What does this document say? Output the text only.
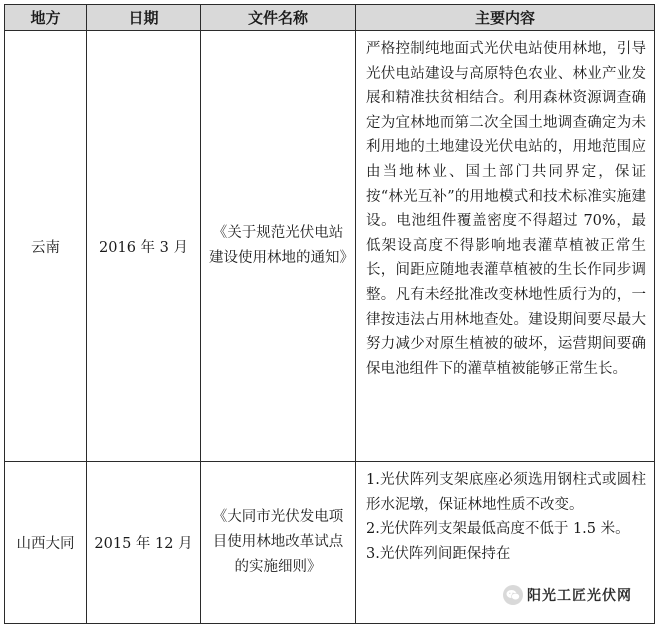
地方	日期	文件名称	主要内容
云南	2016 年 3 月	《关于规范光伏电站建设使用林地的通知》	严格控制纯地面式光伏电站使用林地，引导光伏电站建设与高原特色农业、林业产业发展和精准扶贫相结合。利用森林资源调查确定为宜林地而第二次全国土地调查确定为未利用地的土地建设光伏电站的，用地范围应由当地林业、国土部门共同界定，保证按“林光互补”的用地模式和技术标准实施建设。电池组件覆盖密度不得超过 70%，最低架设高度不得影响地表灌草植被正常生长，间距应随地表灌草植被的生长作同步调整。凡有未经批准改变林地性质行为的，一律按违法占用林地查处。建设期间要尽最大努力减少对原生植被的破坏，运营期间要确保电池组件下的灌草植被能够正常生长。
山西大同	2015 年 12 月	《大同市光伏发电项目使用林地改革试点的实施细则》	1.光伏阵列支架底座必须选用钢柱式或圆柱形水泥墩，保证林地性质不改变。
2.光伏阵列支架最低高度不低于 1.5 米。
3.光伏阵列间距保持在
阳光工匠光伏网
